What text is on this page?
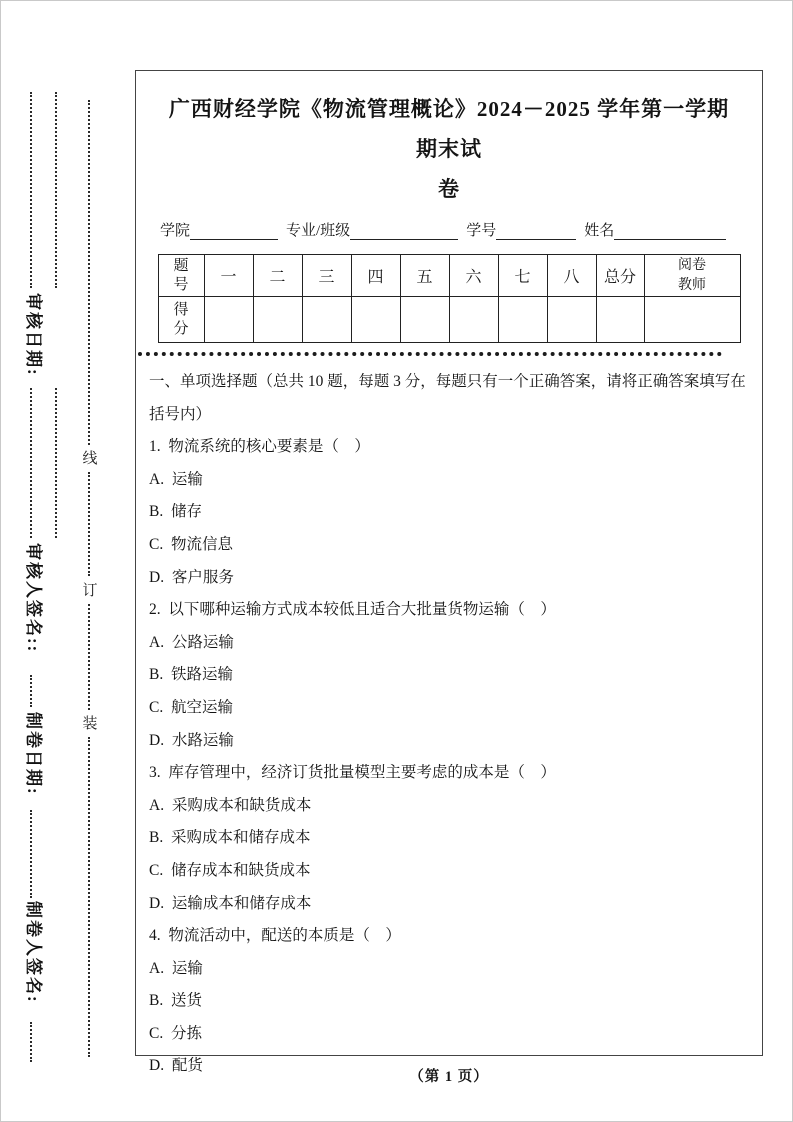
审核日期:
审核人签名::
制卷日期:
制卷人签名:
线
订
装
广西财经学院《物流管理概论》2024－2025 学年第一学期期末试
卷
学院	专业/班级	学号	姓名
题号	一	二	三	四	五	六	七	八	总分	阅卷教师
得分										
一、单项选择题（总共 10 题，每题 3 分，每题只有一个正确答案，请将正确答案填写在括号内）
1.  物流系统的核心要素是（　）
A.  运输
B.  储存
C.  物流信息
D.  客户服务
2.  以下哪种运输方式成本较低且适合大批量货物运输（　）
A.  公路运输
B.  铁路运输
C.  航空运输
D.  水路运输
3.  库存管理中，经济订货批量模型主要考虑的成本是（　）
A.  采购成本和缺货成本
B.  采购成本和储存成本
C.  储存成本和缺货成本
D.  运输成本和储存成本
4.  物流活动中，配送的本质是（　）
A.  运输
B.  送货
C.  分拣
D.  配货
（第 1 页）
